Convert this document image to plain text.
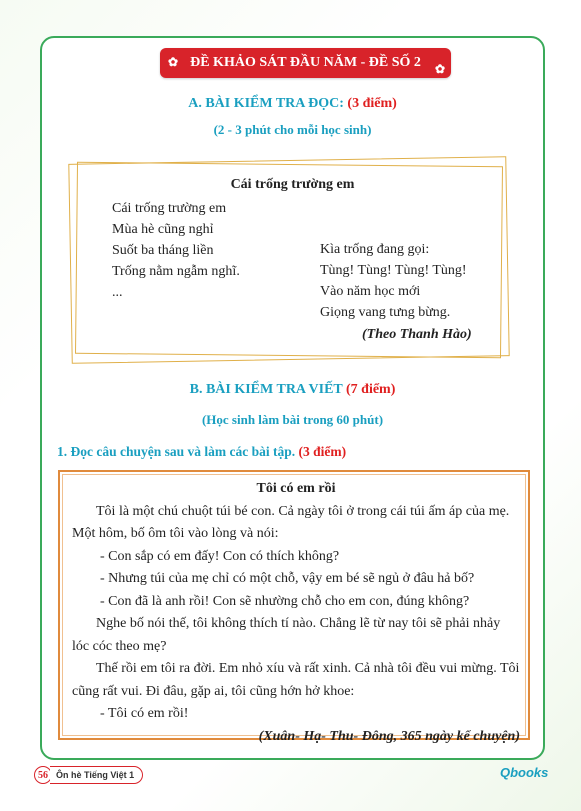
✿ ĐỀ KHẢO SÁT ĐẦU NĂM - ĐỀ SỐ 2 ✿
A. BÀI KIỂM TRA ĐỌC: (3 điểm)
(2 - 3 phút cho mỗi học sinh)
Cái trống trường em
Cái trống trường em
Mùa hè cũng nghỉ
Suốt ba tháng liền
Trống nằm ngẫm nghĩ.
...
Kìa trống đang gọi:
Tùng! Tùng! Tùng! Tùng!
Vào năm học mới
Giọng vang tưng bừng.
(Theo Thanh Hào)
B. BÀI KIỂM TRA VIẾT (7 điểm)
(Học sinh làm bài trong 60 phút)
1. Đọc câu chuyện sau và làm các bài tập. (3 điểm)

Tôi có em rồi

Tôi là một chú chuột túi bé con. Cả ngày tôi ở trong cái túi ấm áp của mẹ. Một hôm, bố ôm tôi vào lòng và nói:

- Con sắp có em đấy! Con có thích không?

- Nhưng túi của mẹ chỉ có một chỗ, vậy em bé sẽ ngủ ở đâu hả bố?

- Con đã là anh rồi! Con sẽ nhường chỗ cho em con, đúng không?

Nghe bố nói thế, tôi không thích tí nào. Chẳng lẽ từ nay tôi sẽ phải nhảy lóc cóc theo mẹ?

Thế rồi em tôi ra đời. Em nhỏ xíu và rất xinh. Cả nhà tôi đều vui mừng. Tôi cũng rất vui. Đi đâu, gặp ai, tôi cũng hớn hở khoe:

- Tôi có em rồi!

(Xuân- Hạ- Thu- Đông, 365 ngày kể chuyện)

56 Ôn hè Tiếng Việt 1	Qbooks
